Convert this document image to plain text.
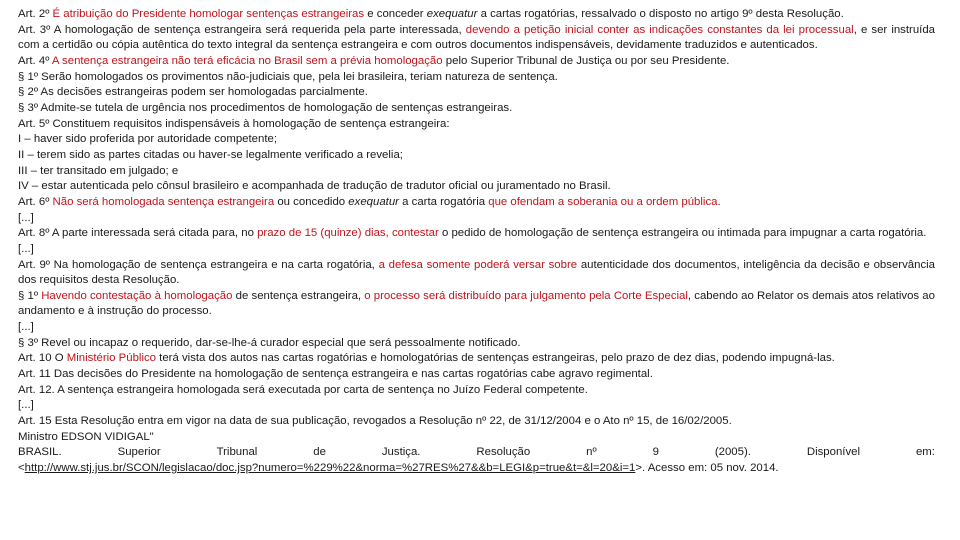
Art. 2º É atribuição do Presidente homologar sentenças estrangeiras e conceder exequatur a cartas rogatórias, ressalvado o disposto no artigo 9º desta Resolução.

Art. 3º A homologação de sentença estrangeira será requerida pela parte interessada, devendo a petição inicial conter as indicações constantes da lei processual, e ser instruída com a certidão ou cópia autêntica do texto integral da sentença estrangeira e com outros documentos indispensáveis, devidamente traduzidos e autenticados.

Art. 4º A sentença estrangeira não terá eficácia no Brasil sem a prévia homologação pelo Superior Tribunal de Justiça ou por seu Presidente.

§ 1º Serão homologados os provimentos não-judiciais que, pela lei brasileira, teriam natureza de sentença.

§ 2º As decisões estrangeiras podem ser homologadas parcialmente.

§ 3º Admite-se tutela de urgência nos procedimentos de homologação de sentenças estrangeiras.

Art. 5º Constituem requisitos indispensáveis à homologação de sentença estrangeira:

I – haver sido proferida por autoridade competente;

II – terem sido as partes citadas ou haver-se legalmente verificado a revelia;

III – ter transitado em julgado; e

IV – estar autenticada pelo cônsul brasileiro e acompanhada de tradução de tradutor oficial ou juramentado no Brasil.

Art. 6º Não será homologada sentença estrangeira ou concedido exequatur a carta rogatória que ofendam a soberania ou a ordem pública.

[...]

Art. 8º A parte interessada será citada para, no prazo de 15 (quinze) dias, contestar o pedido de homologação de sentença estrangeira ou intimada para impugnar a carta rogatória.

[...]

Art. 9º Na homologação de sentença estrangeira e na carta rogatória, a defesa somente poderá versar sobre autenticidade dos documentos, inteligência da decisão e observância dos requisitos desta Resolução.

§ 1º Havendo contestação à homologação de sentença estrangeira, o processo será distribuído para julgamento pela Corte Especial, cabendo ao Relator os demais atos relativos ao andamento e à instrução do processo.

[...]

§ 3º Revel ou incapaz o requerido, dar-se-lhe-á curador especial que será pessoalmente notificado.

Art. 10 O Ministério Público terá vista dos autos nas cartas rogatórias e homologatórias de sentenças estrangeiras, pelo prazo de dez dias, podendo impugná-las.

Art. 11 Das decisões do Presidente na homologação de sentença estrangeira e nas cartas rogatórias cabe agravo regimental.

Art. 12. A sentença estrangeira homologada será executada por carta de sentença no Juízo Federal competente.

[...]

Art. 15 Esta Resolução entra em vigor na data de sua publicação, revogados a Resolução nº 22, de 31/12/2004 e o Ato nº 15, de 16/02/2005.

Ministro EDSON VIDIGAL"

BRASIL.	Superior	Tribunal	de	Justiça.	Resolução	nº	9	(2005).	Disponível	em:

<http://www.stj.jus.br/SCON/legislacao/doc.jsp?numero=%229%22&norma=%27RES%27&&b=LEGI&p=true&t=&l=20&i=1>. Acesso em: 05 nov. 2014.
